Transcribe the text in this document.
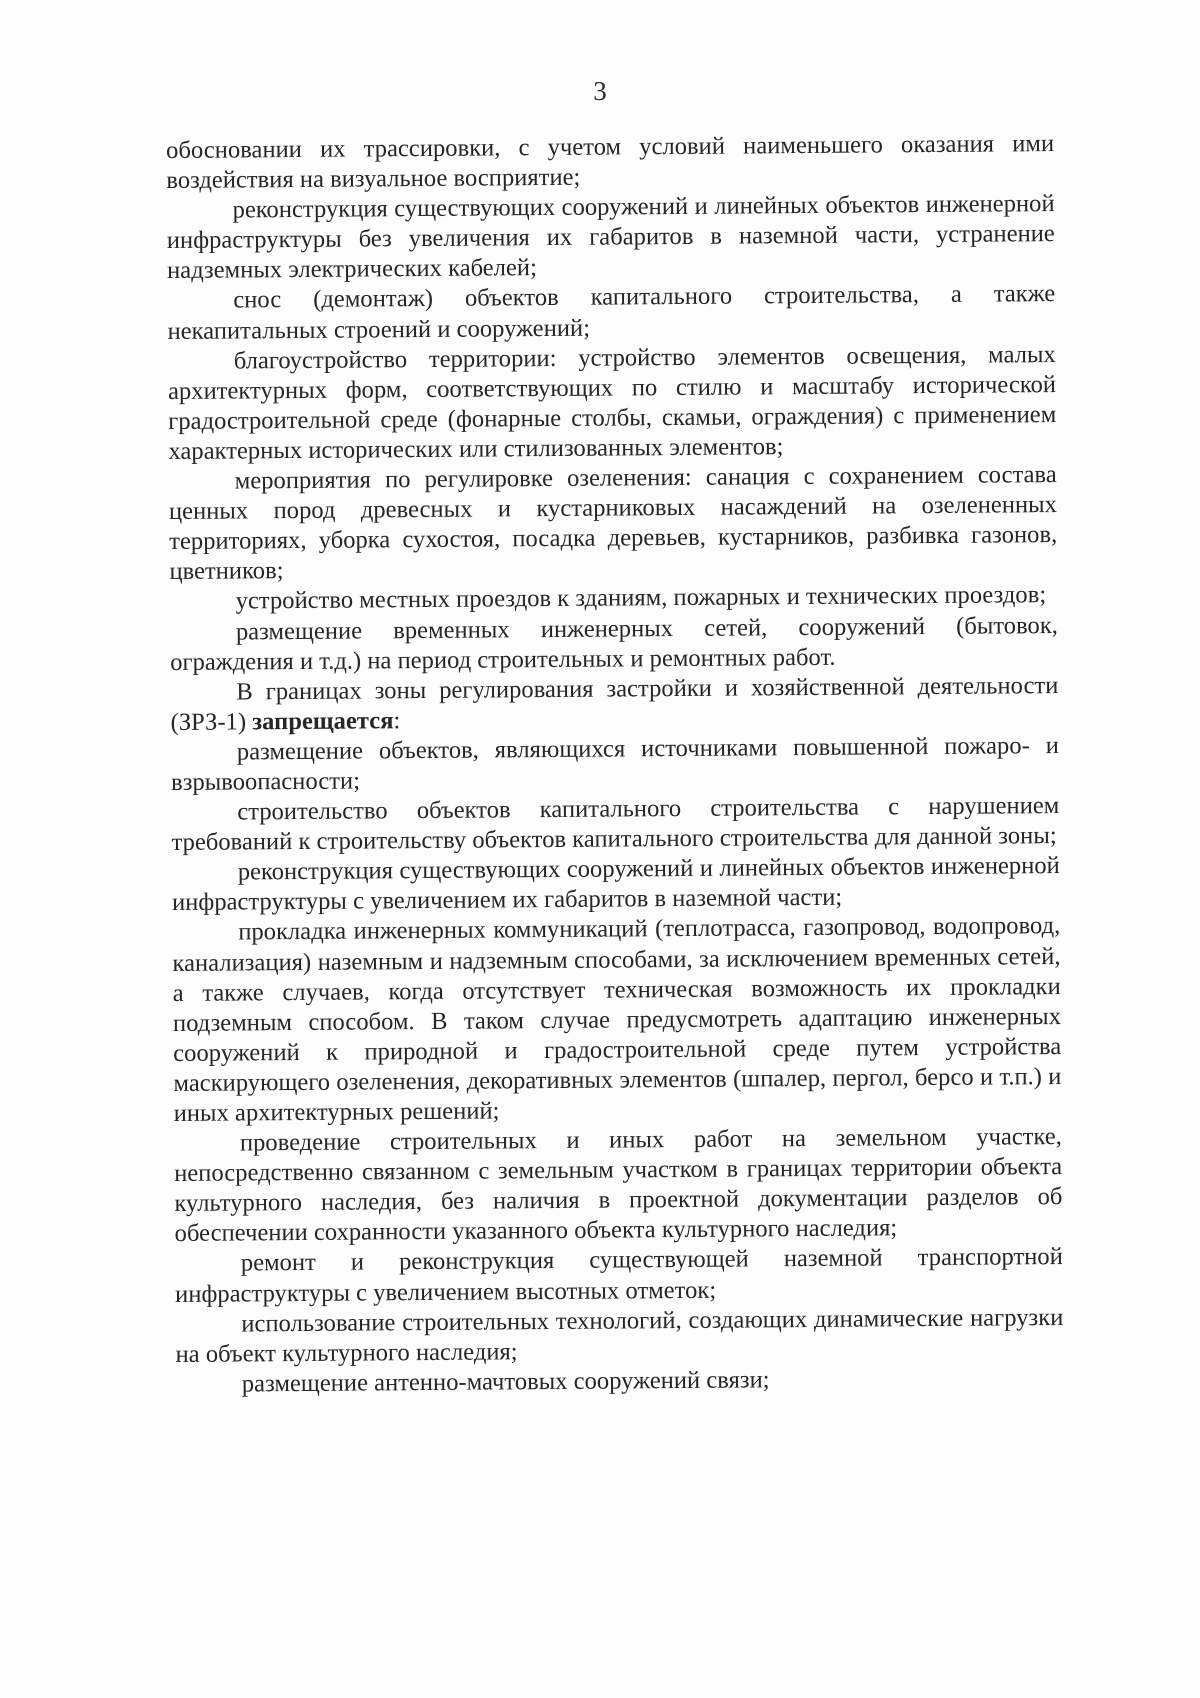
3

обосновании их трассировки, с учетом условий наименьшего оказания ими воздействия на визуальное восприятие;

реконструкция существующих сооружений и линейных объектов инженерной инфраструктуры без увеличения их габаритов в наземной части, устранение надземных электрических кабелей;

снос (демонтаж) объектов капитального строительства, а также некапитальных строений и сооружений;

благоустройство территории: устройство элементов освещения, малых архитектурных форм, соответствующих по стилю и масштабу исторической градостроительной среде (фонарные столбы, скамьи, ограждения) с применением характерных исторических или стилизованных элементов;

мероприятия по регулировке озеленения: санация с сохранением состава ценных пород древесных и кустарниковых насаждений на озелененных территориях, уборка сухостоя, посадка деревьев, кустарников, разбивка газонов, цветников;

устройство местных проездов к зданиям, пожарных и технических проездов;

размещение временных инженерных сетей, сооружений (бытовок, ограждения и т.д.) на период строительных и ремонтных работ.

В границах зоны регулирования застройки и хозяйственной деятельности (ЗРЗ-1) запрещается:

размещение объектов, являющихся источниками повышенной пожаро- и взрывоопасности;

строительство объектов капитального строительства с нарушением требований к строительству объектов капитального строительства для данной зоны;

реконструкция существующих сооружений и линейных объектов инженерной инфраструктуры с увеличением их габаритов в наземной части;

прокладка инженерных коммуникаций (теплотрасса, газопровод, водопровод, канализация) наземным и надземным способами, за исключением временных сетей, а также случаев, когда отсутствует техническая возможность их прокладки подземным способом. В таком случае предусмотреть адаптацию инженерных сооружений к природной и градостроительной среде путем устройства маскирующего озеленения, декоративных элементов (шпалер, пергол, берсо и т.п.) и иных архитектурных решений;

проведение строительных и иных работ на земельном участке, непосредственно связанном с земельным участком в границах территории объекта культурного наследия, без наличия в проектной документации разделов об обеспечении сохранности указанного объекта культурного наследия;

ремонт и реконструкция существующей наземной транспортной инфраструктуры с увеличением высотных отметок;

использование строительных технологий, создающих динамические нагрузки на объект культурного наследия;

размещение антенно-мачтовых сооружений связи;
